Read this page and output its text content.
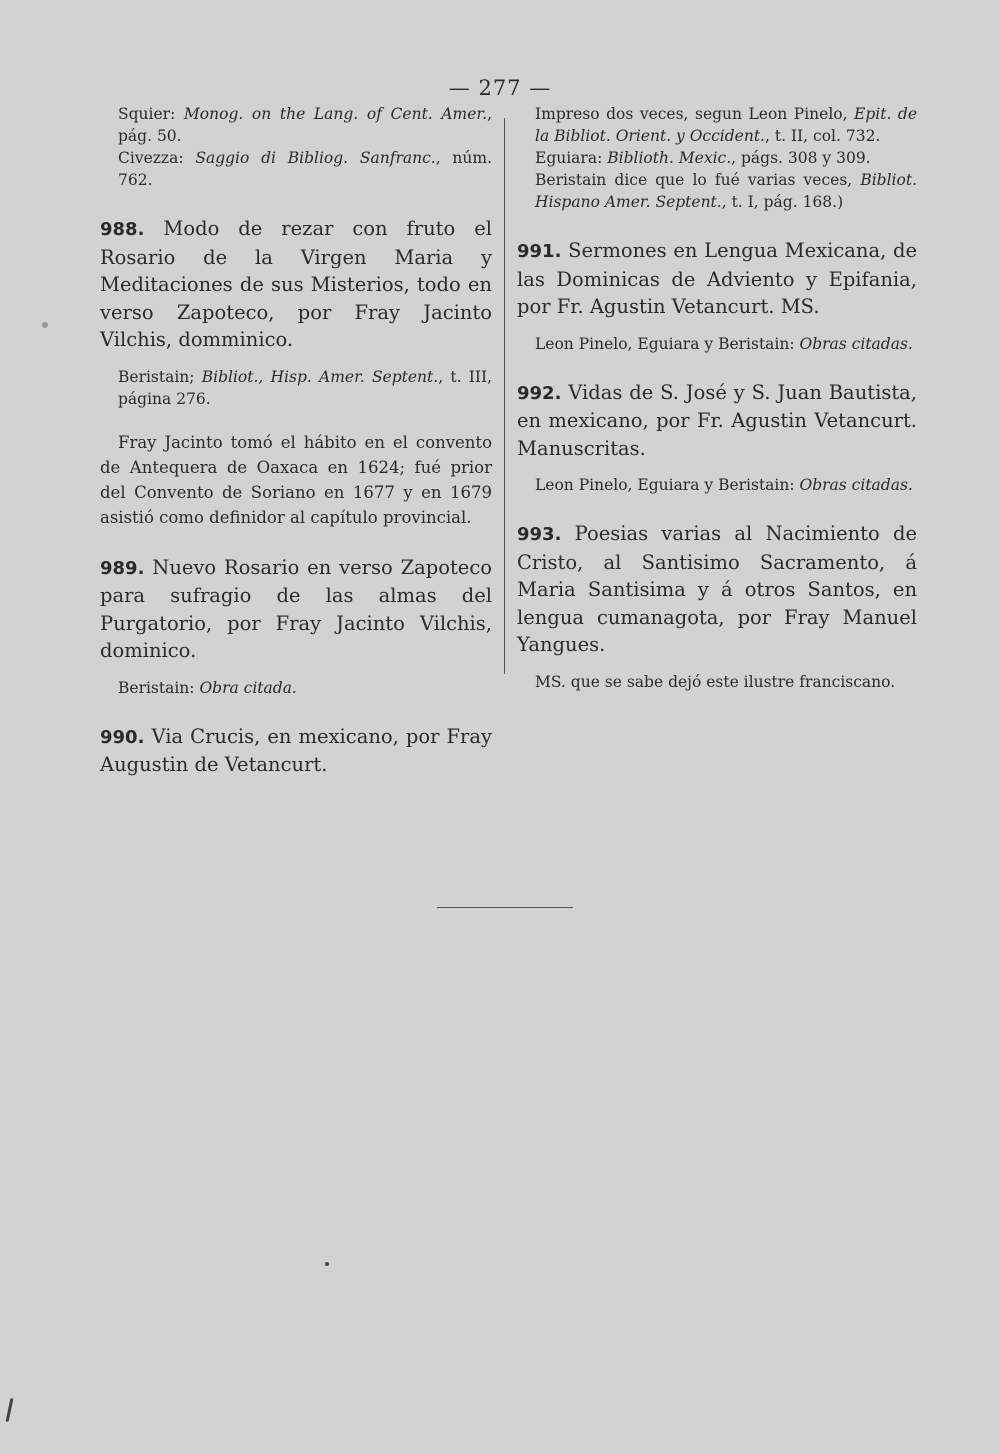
— 277 —
Squier: Monog. on the Lang. of Cent. Amer., pág. 50.
Civezza: Saggio di Bibliog. Sanfranc., núm. 762.
988. Modo de rezar con fruto el Rosario de la Virgen Maria y Meditaciones de sus Misterios, todo en verso Zapoteco, por Fray Jacinto Vilchis, domminico.
Beristain; Bibliot., Hisp. Amer. Septent., t. III, página 276.
Fray Jacinto tomó el hábito en el convento de Antequera de Oaxaca en 1624; fué prior del Convento de Soriano en 1677 y en 1679 asistió como definidor al capítulo provincial.
989. Nuevo Rosario en verso Zapoteco para sufragio de las almas del Purgatorio, por Fray Jacinto Vilchis, dominico.
Beristain: Obra citada.
990. Via Crucis, en mexicano, por Fray Augustin de Vetancurt.
Impreso dos veces, segun Leon Pinelo, Epit. de la Bibliot. Orient. y Occident., t. II, col. 732.
Eguiara: Biblioth. Mexic., págs. 308 y 309.
Beristain dice que lo fué varias veces, Bibliot. Hispano Amer. Septent., t. I, pág. 168.)
991. Sermones en Lengua Mexicana, de las Dominicas de Adviento y Epifania, por Fr. Agustin Vetancurt. MS.
Leon Pinelo, Eguiara y Beristain: Obras citadas.
992. Vidas de S. José y S. Juan Bautista, en mexicano, por Fr. Agustin Vetancurt. Manuscritas.
Leon Pinelo, Eguiara y Beristain: Obras citadas.
993. Poesias varias al Nacimiento de Cristo, al Santisimo Sacramento, á Maria Santisima y á otros Santos, en lengua cumanagota, por Fray Manuel Yangues.
MS. que se sabe dejó este ilustre franciscano.
